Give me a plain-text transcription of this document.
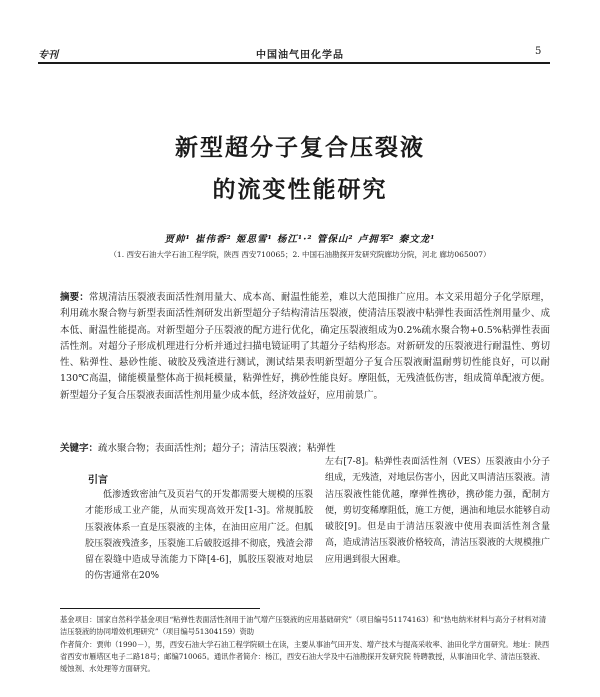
专刊	中国油气田化学品	5
新型超分子复合压裂液
的流变性能研究
贾帅¹ 崔伟香² 姬思雪¹ 杨江¹·² 管保山² 卢拥军² 秦文龙¹
（1. 西安石油大学石油工程学院，陕西 西安710065；2. 中国石油勘探开发研究院廊坊分院，河北 廊坊065007）
摘要：常规清洁压裂液表面活性剂用量大、成本高、耐温性能差，难以大范围推广应用。本文采用超分子化学原理，利用疏水聚合物与新型表面活性剂研发出新型超分子结构清洁压裂液，使清洁压裂液中粘弹性表面活性剂用量少、成本低、耐温性能提高。对新型超分子压裂液的配方进行优化，确定压裂液组成为0.2%疏水聚合物+0.5%粘弹性表面活性剂。对超分子形成机理进行分析并通过扫描电镜证明了其超分子结构形态。对新研发的压裂液进行耐温性、剪切性、粘弹性、悬砂性能、破胶及残渣进行测试，测试结果表明新型超分子复合压裂液耐温耐剪切性能良好，可以耐130℃高温，储能模量整体高于损耗模量，粘弹性好，携砂性能良好。摩阻低，无残渣低伤害，组成简单配液方便。新型超分子复合压裂液表面活性剂用量少成本低，经济效益好，应用前景广。
关键字：疏水聚合物；表面活性剂；超分子；清洁压裂液；粘弹性
引言
低渗透致密油气及页岩气的开发都需要大规模的压裂才能形成工业产能，从而实现高效开发[1-3]。常规胍胶压裂液体系一直是压裂液的主体，在油田应用广泛。但胍胶压裂液残渣多，压裂施工后破胶返排不彻底，残渣会滞留在裂缝中造成导流能力下降[4-6]，胍胶压裂液对地层的伤害通常在20%
左右[7-8]。粘弹性表面活性剂（VES）压裂液由小分子组成，无残渣，对地层伤害小，因此又叫清洁压裂液。清洁压裂液性能优越，摩弹性携砂，携砂能力强，配制方便，剪切变稀摩阻低，施工方便，遇油和地层水能够自动破胶[9]。但是由于清洁压裂液中使用表面活性剂含量高，造成清洁压裂液价格较高，清洁压裂液的大规模推广应用遇到很大困难。
基金项目：国家自然科学基金项目“粘弹性表面活性剂用于油气增产压裂液的应用基础研究”（项目编号51174163）和“热电纳米材料与高分子材料对清洁压裂液的协同增效机理研究”（项目编号51304159）资助
作者简介：贾帅（1990－），男，西安石油大学石油工程学院硕士在读，主要从事油气田开发、增产技术与提高采收率、油田化学方面研究。地址：陕西省西安市雁塔区电子二路18号；邮编710065。通讯作者简介：杨江，西安石油大学及中石油勘探开发研究院 特聘教授，从事油田化学、清洁压裂液、缓蚀剂、水处理等方面研究。
